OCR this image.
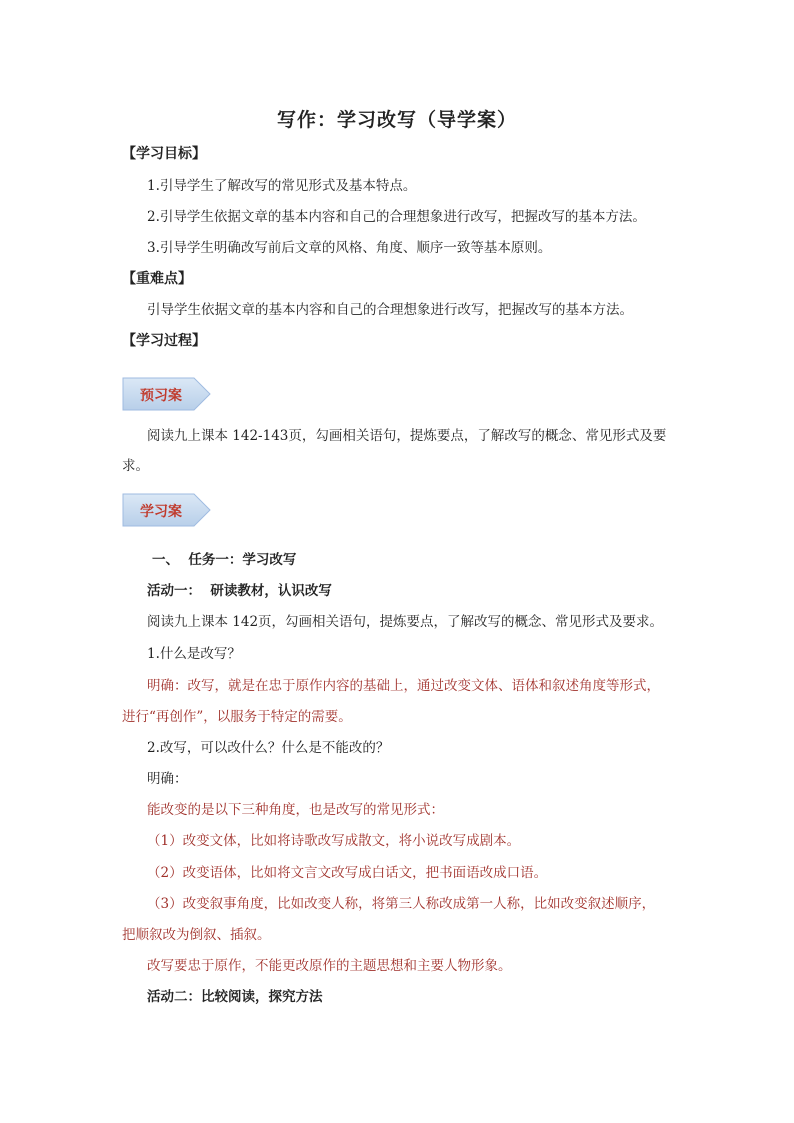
写作：学习改写（导学案）
【学习目标】
1.引导学生了解改写的常见形式及基本特点。
2.引导学生依据文章的基本内容和自己的合理想象进行改写，把握改写的基本方法。
3.引导学生明确改写前后文章的风格、角度、顺序一致等基本原则。
【重难点】
引导学生依据文章的基本内容和自己的合理想象进行改写，把握改写的基本方法。
【学习过程】
预习案
阅读九上课本 142-143页，勾画相关语句，提炼要点，了解改写的概念、常见形式及要
求。
学习案
一、  任务一：学习改写
活动一：  研读教材，认识改写
阅读九上课本 142页，勾画相关语句，提炼要点，了解改写的概念、常见形式及要求。
1.什么是改写？
明确：改写，就是在忠于原作内容的基础上，通过改变文体、语体和叙述角度等形式，
进行“再创作”，以服务于特定的需要。
2.改写，可以改什么？什么是不能改的？
明确：
能改变的是以下三种角度，也是改写的常见形式：
（1）改变文体，比如将诗歌改写成散文，将小说改写成剧本。
（2）改变语体，比如将文言文改写成白话文，把书面语改成口语。
（3）改变叙事角度，比如改变人称，将第三人称改成第一人称，比如改变叙述顺序，
把顺叙改为倒叙、插叙。
改写要忠于原作，不能更改原作的主题思想和主要人物形象。
活动二：比较阅读，探究方法
